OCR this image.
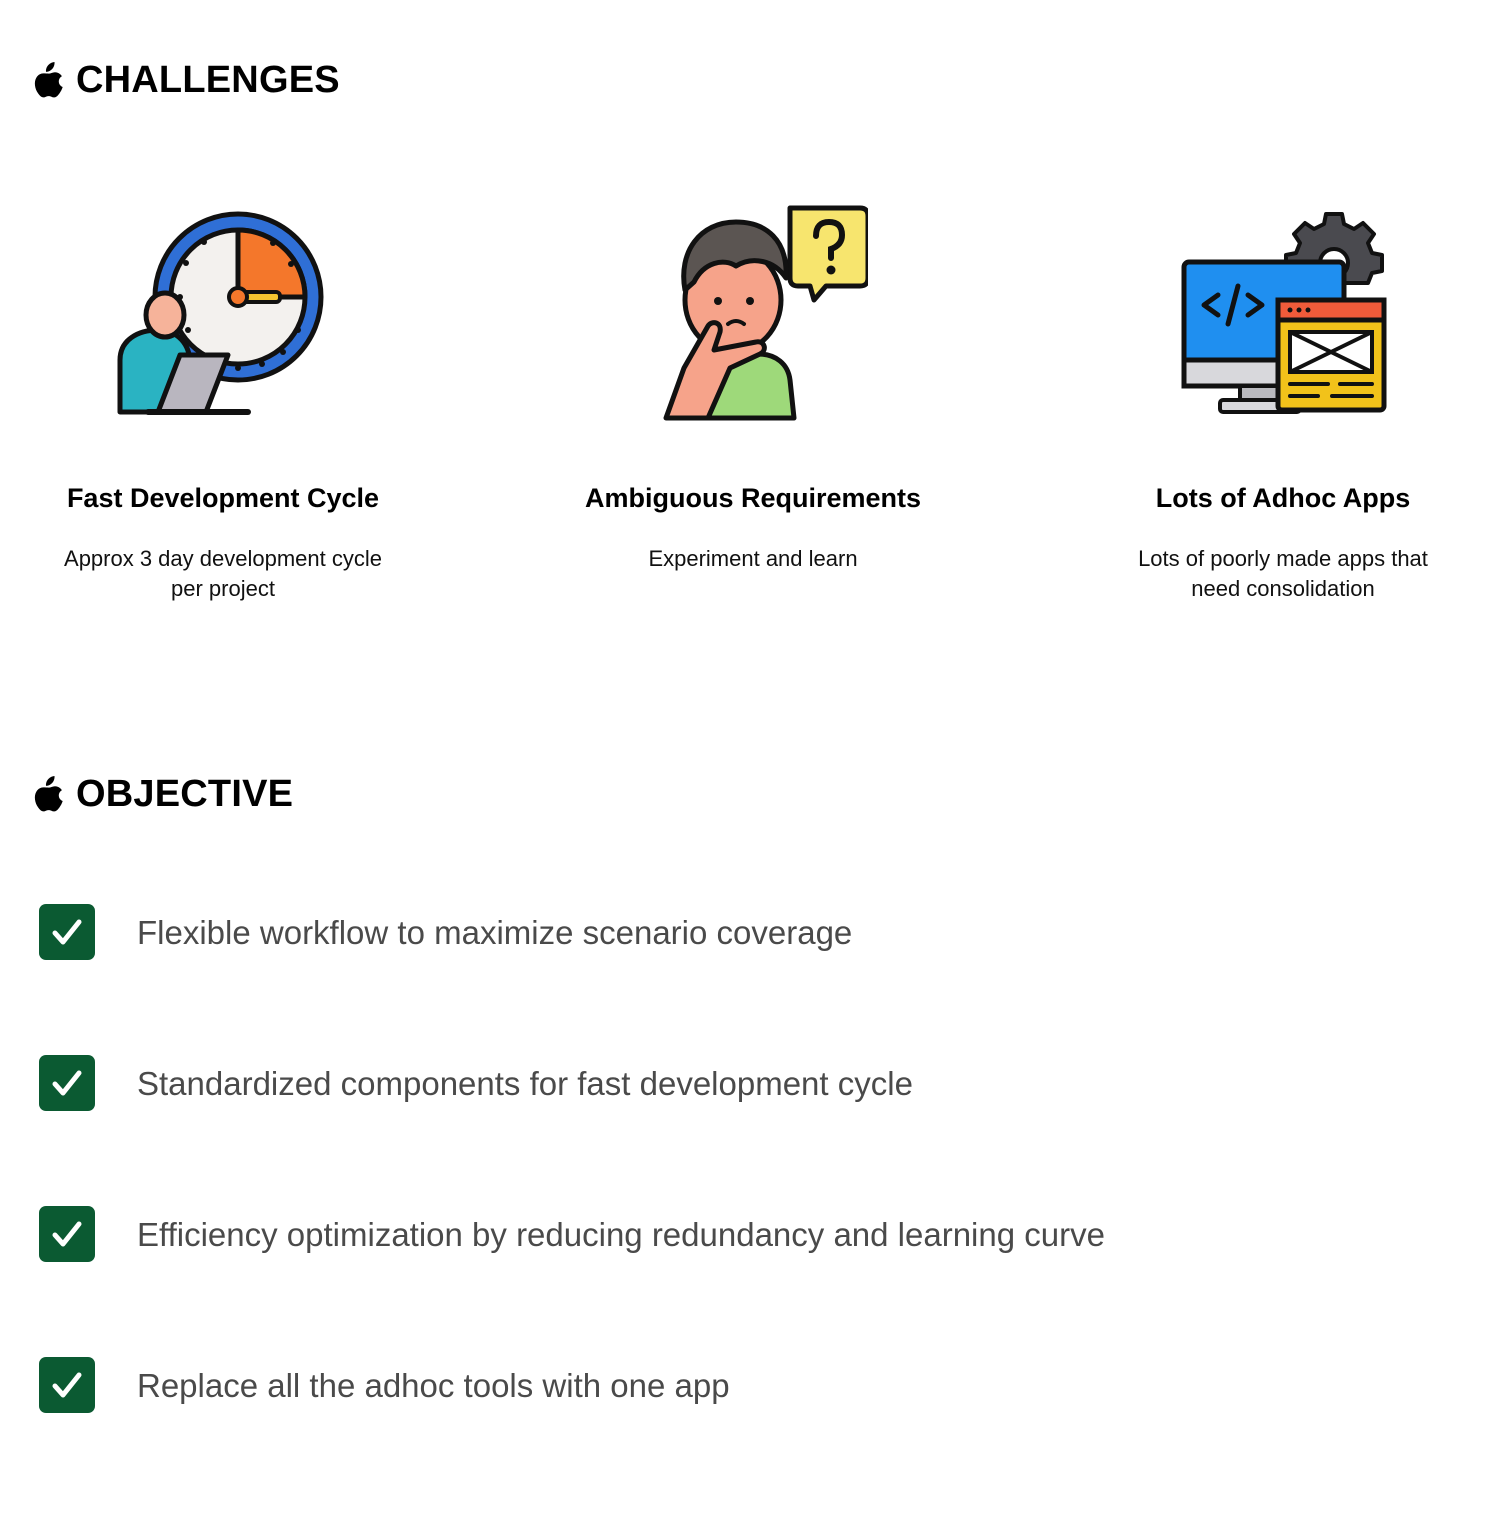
CHALLENGES
Fast Development Cycle
Approx 3 day development cycle per project
Ambiguous Requirements
Experiment and learn
Lots of Adhoc Apps
Lots of poorly made apps that need consolidation
OBJECTIVE
Flexible workflow to maximize scenario coverage
Standardized components for fast development cycle
Efficiency optimization by reducing redundancy and learning curve
Replace all the adhoc tools with one app
